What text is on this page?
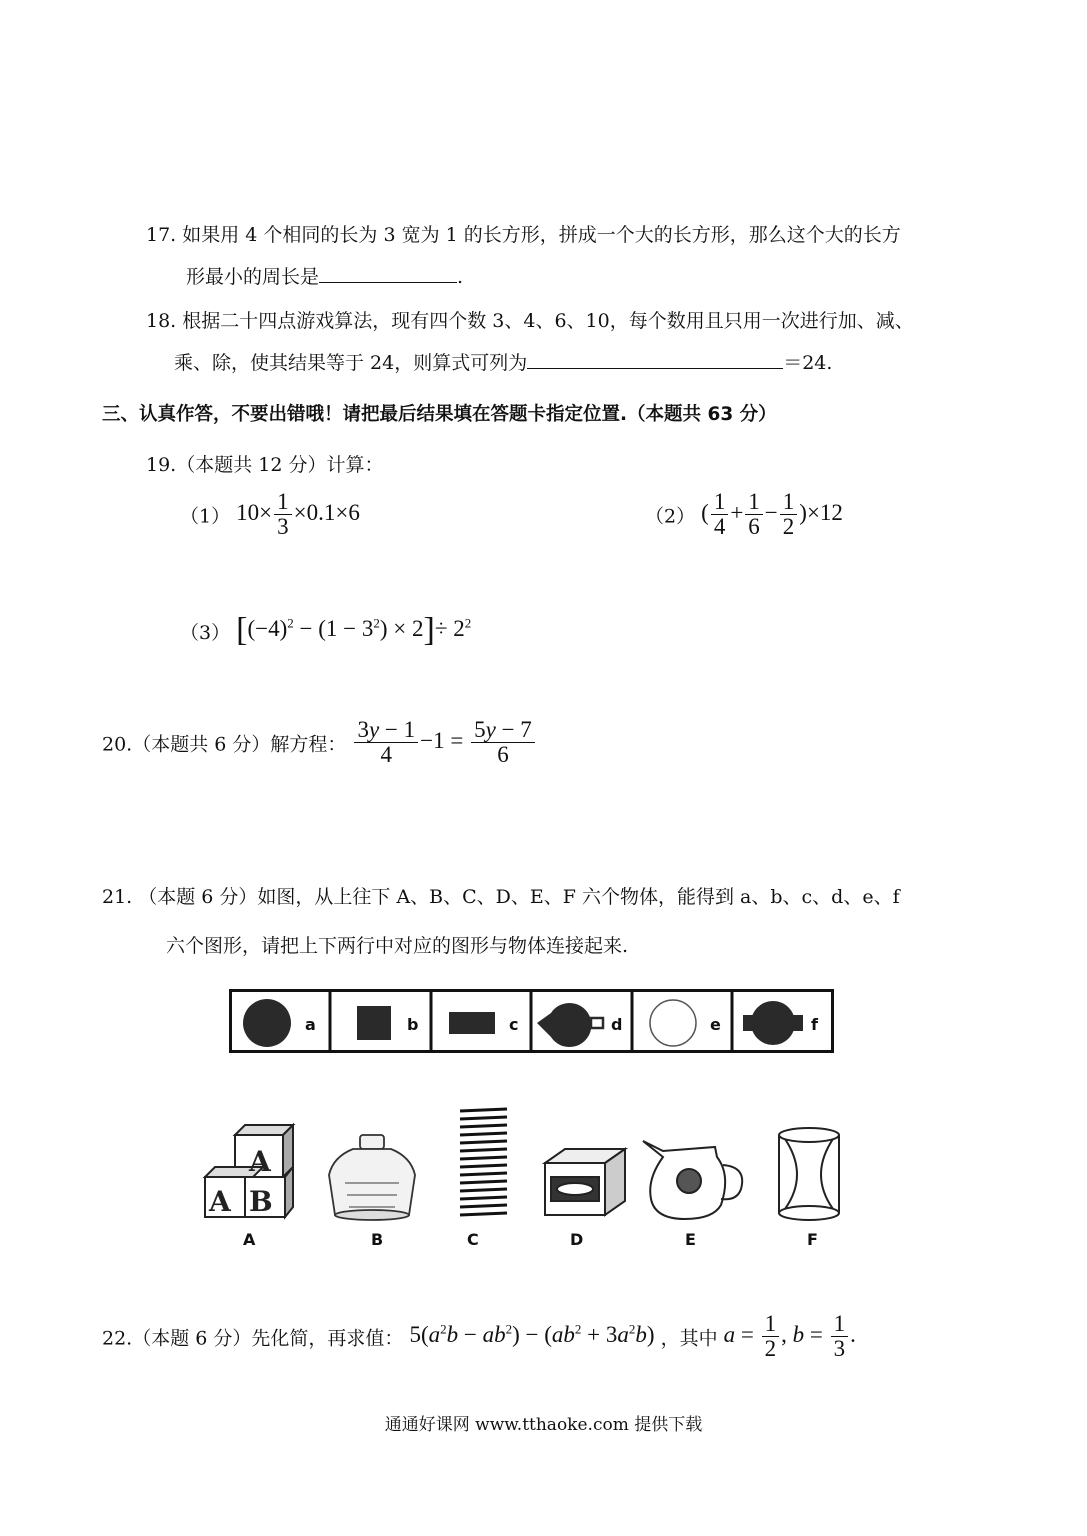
17. 如果用 4 个相同的长为 3 宽为 1 的长方形，拼成一个大的长方形，那么这个大的长方
形最小的周长是	.
18. 根据二十四点游戏算法，现有四个数 3、4、6、10，每个数用且只用一次进行加、减、
乘、除，使其结果等于 24，则算式可列为	＝24.
三、认真作答，不要出错哦！请把最后结果填在答题卡指定位置.（本题共 63 分）
19.（本题共 12 分）计算：
（1） $10\times \frac{1}{3} \times 0.1\times 6$	（2） ( $\frac{1}{4} + \frac{1}{6} - \frac{1}{2} )\times 12$
（3） $[(-4)^2 - (1 - 3^2) \times 2]\div 2^2$
20.（本题共 6 分）解方程： $\frac{3y - 1}{4} -1 = \frac{5y - 7}{6}$
21. （本题 6 分）如图，从上往下 A、B、C、D、E、F 六个物体，能得到 a、b、c、d、e、f
六个图形，请把上下两行中对应的图形与物体连接起来.
a	b	c	d	e	f
A
A B
A	B	C	D	E	F
22.（本题 6 分）先化简，再求值： $5(a^2b - ab^2) - (ab^2 + 3a^2b)$ ，其中 $a = \frac{1}{2}$ , $b = \frac{1}{3}$ .
通通好课网 www.tthaoke.com 提供下载
